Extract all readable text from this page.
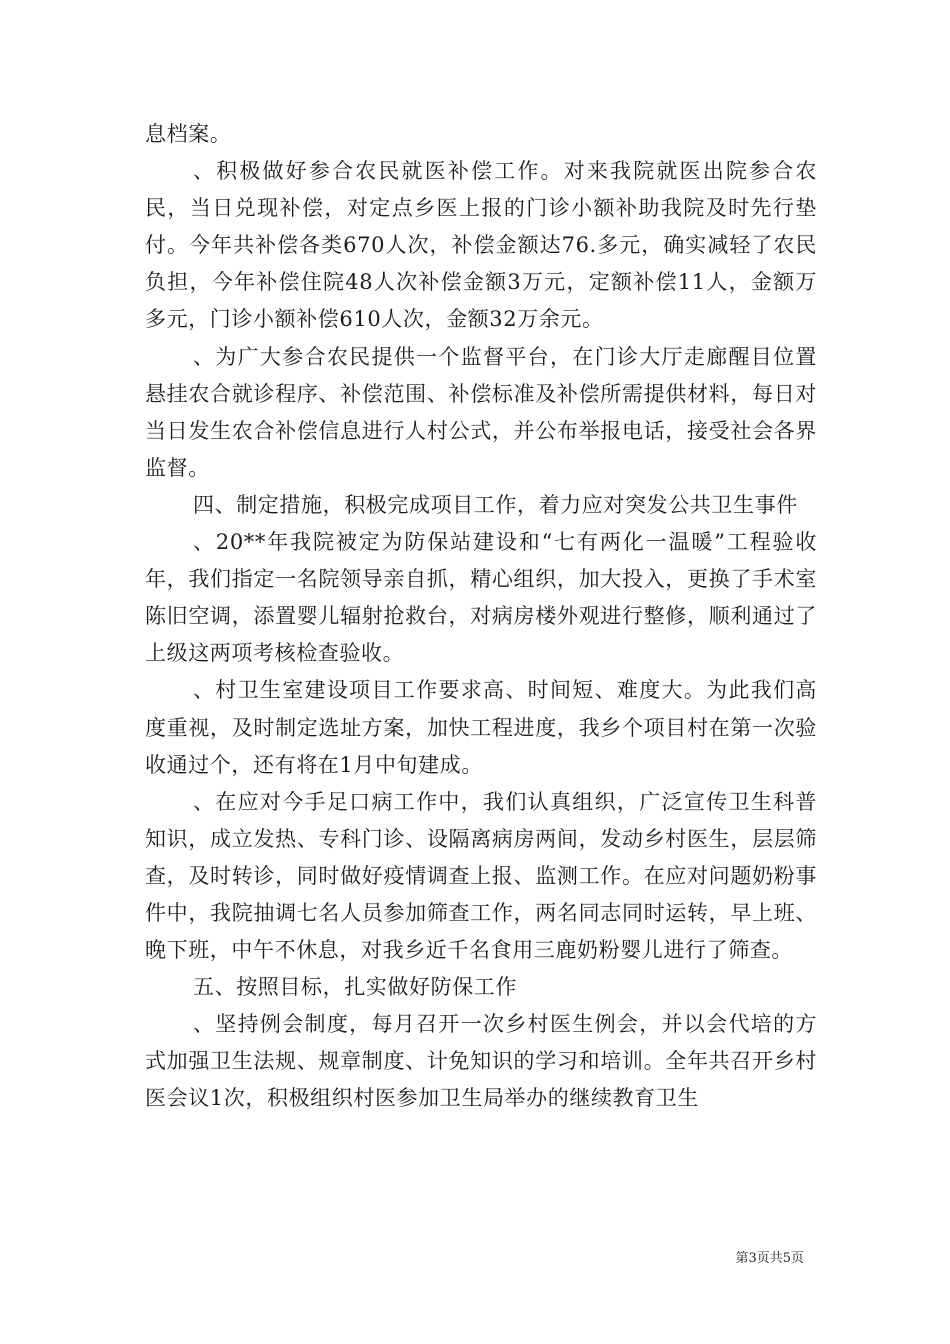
息档案。

、积极做好参合农民就医补偿工作。对来我院就医出院参合农民，当日兑现补偿，对定点乡医上报的门诊小额补助我院及时先行垫付。今年共补偿各类670人次，补偿金额达76.多元，确实减轻了农民负担，今年补偿住院48人次补偿金额3万元，定额补偿11人，金额万多元，门诊小额补偿610人次，金额32万余元。

、为广大参合农民提供一个监督平台，在门诊大厅走廊醒目位置悬挂农合就诊程序、补偿范围、补偿标准及补偿所需提供材料，每日对当日发生农合补偿信息进行人村公式，并公布举报电话，接受社会各界监督。

四、制定措施，积极完成项目工作，着力应对突发公共卫生事件

、20**年我院被定为防保站建设和“七有两化一温暖”工程验收年，我们指定一名院领导亲自抓，精心组织，加大投入，更换了手术室陈旧空调，添置婴儿辐射抢救台，对病房楼外观进行整修，顺利通过了上级这两项考核检查验收。

、村卫生室建设项目工作要求高、时间短、难度大。为此我们高度重视，及时制定选址方案，加快工程进度，我乡个项目村在第一次验收通过个，还有将在1月中旬建成。

、在应对今手足口病工作中，我们认真组织，广泛宣传卫生科普知识，成立发热、专科门诊、设隔离病房两间，发动乡村医生，层层筛查，及时转诊，同时做好疫情调查上报、监测工作。在应对问题奶粉事件中，我院抽调七名人员参加筛查工作，两名同志同时运转，早上班、晚下班，中午不休息，对我乡近千名食用三鹿奶粉婴儿进行了筛查。

五、按照目标，扎实做好防保工作

、坚持例会制度，每月召开一次乡村医生例会，并以会代培的方式加强卫生法规、规章制度、计免知识的学习和培训。全年共召开乡村医会议1次，积极组织村医参加卫生局举办的继续教育卫生

第3页共5页
